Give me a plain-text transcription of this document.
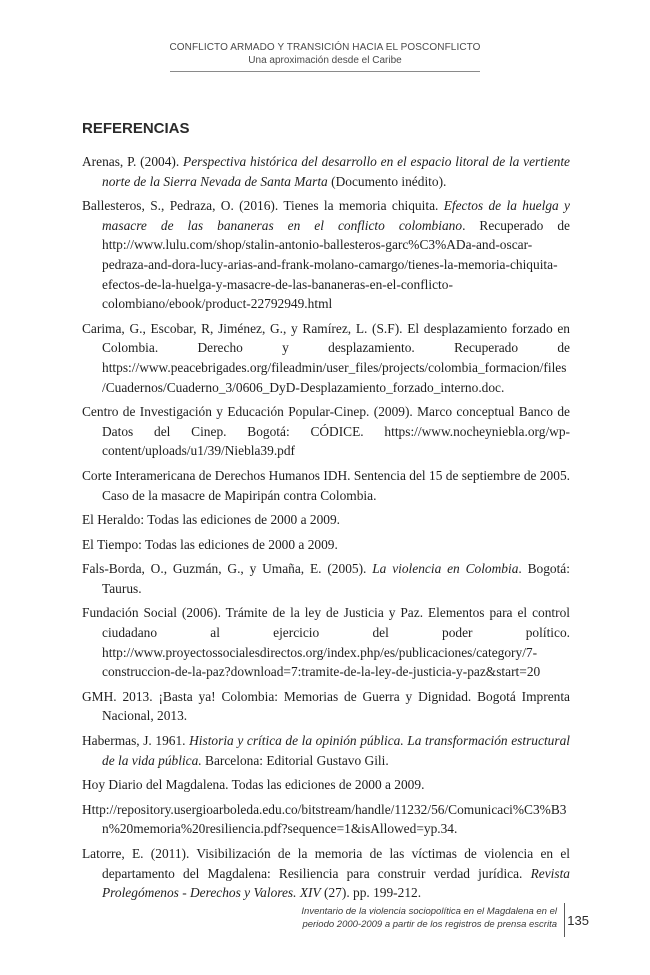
CONFLICTO ARMADO Y TRANSICIÓN HACIA EL POSCONFLICTO
Una aproximación desde el Caribe
REFERENCIAS
Arenas, P. (2004). Perspectiva histórica del desarrollo en el espacio litoral de la vertiente norte de la Sierra Nevada de Santa Marta (Documento inédito).
Ballesteros, S., Pedraza, O. (2016). Tienes la memoria chiquita. Efectos de la huelga y masacre de las bananeras en el conflicto colombiano. Recuperado de http://www.lulu.com/shop/stalin-antonio-ballesteros-garc%C3%ADa-and-oscar-pedraza-and-dora-lucy-arias-and-frank-molano-camargo/tienes-la-memoria-chiquita-efectos-de-la-huelga-y-masacre-de-las-bananeras-en-el-conflicto-colombiano/ebook/product-22792949.html
Carima, G., Escobar, R, Jiménez, G., y Ramírez, L. (S.F). El desplazamiento forzado en Colombia. Derecho y desplazamiento. Recuperado de https://www.peacebrigades.org/fileadmin/user_files/projects/colombia_formacion/files/Cuadernos/Cuaderno_3/0606_DyD-Desplazamiento_forzado_interno.doc.
Centro de Investigación y Educación Popular-Cinep. (2009). Marco conceptual Banco de Datos del Cinep. Bogotá: CÓDICE. https://www.nocheyniebla.org/wp-content/uploads/u1/39/Niebla39.pdf
Corte Interamericana de Derechos Humanos IDH. Sentencia del 15 de septiembre de 2005. Caso de la masacre de Mapiripán contra Colombia.
El Heraldo: Todas las ediciones de 2000 a 2009.
El Tiempo: Todas las ediciones de 2000 a 2009.
Fals-Borda, O., Guzmán, G., y Umaña, E. (2005). La violencia en Colombia. Bogotá: Taurus.
Fundación Social (2006). Trámite de la ley de Justicia y Paz. Elementos para el control ciudadano al ejercicio del poder político. http://www.proyectossocialesdirectos.org/index.php/es/publicaciones/category/7-construccion-de-la-paz?download=7:tramite-de-la-ley-de-justicia-y-paz&start=20
GMH. 2013. ¡Basta ya! Colombia: Memorias de Guerra y Dignidad. Bogotá Imprenta Nacional, 2013.
Habermas, J. 1961. Historia y crítica de la opinión pública. La transformación estructural de la vida pública. Barcelona: Editorial Gustavo Gili.
Hoy Diario del Magdalena. Todas las ediciones de 2000 a 2009.
Http://repository.usergioarboleda.edu.co/bitstream/handle/11232/56/Comunicaci%C3%B3n%20memoria%20resiliencia.pdf?sequence=1&isAllowed=yp.34.
Latorre, E. (2011). Visibilización de la memoria de las víctimas de violencia en el departamento del Magdalena: Resiliencia para construir verdad jurídica. Revista Prolegómenos - Derechos y Valores. XIV (27). pp. 199-212.
Inventario de la violencia sociopolítica en el Magdalena en el
periodo 2000-2009 a partir de los registros de prensa escrita 135
